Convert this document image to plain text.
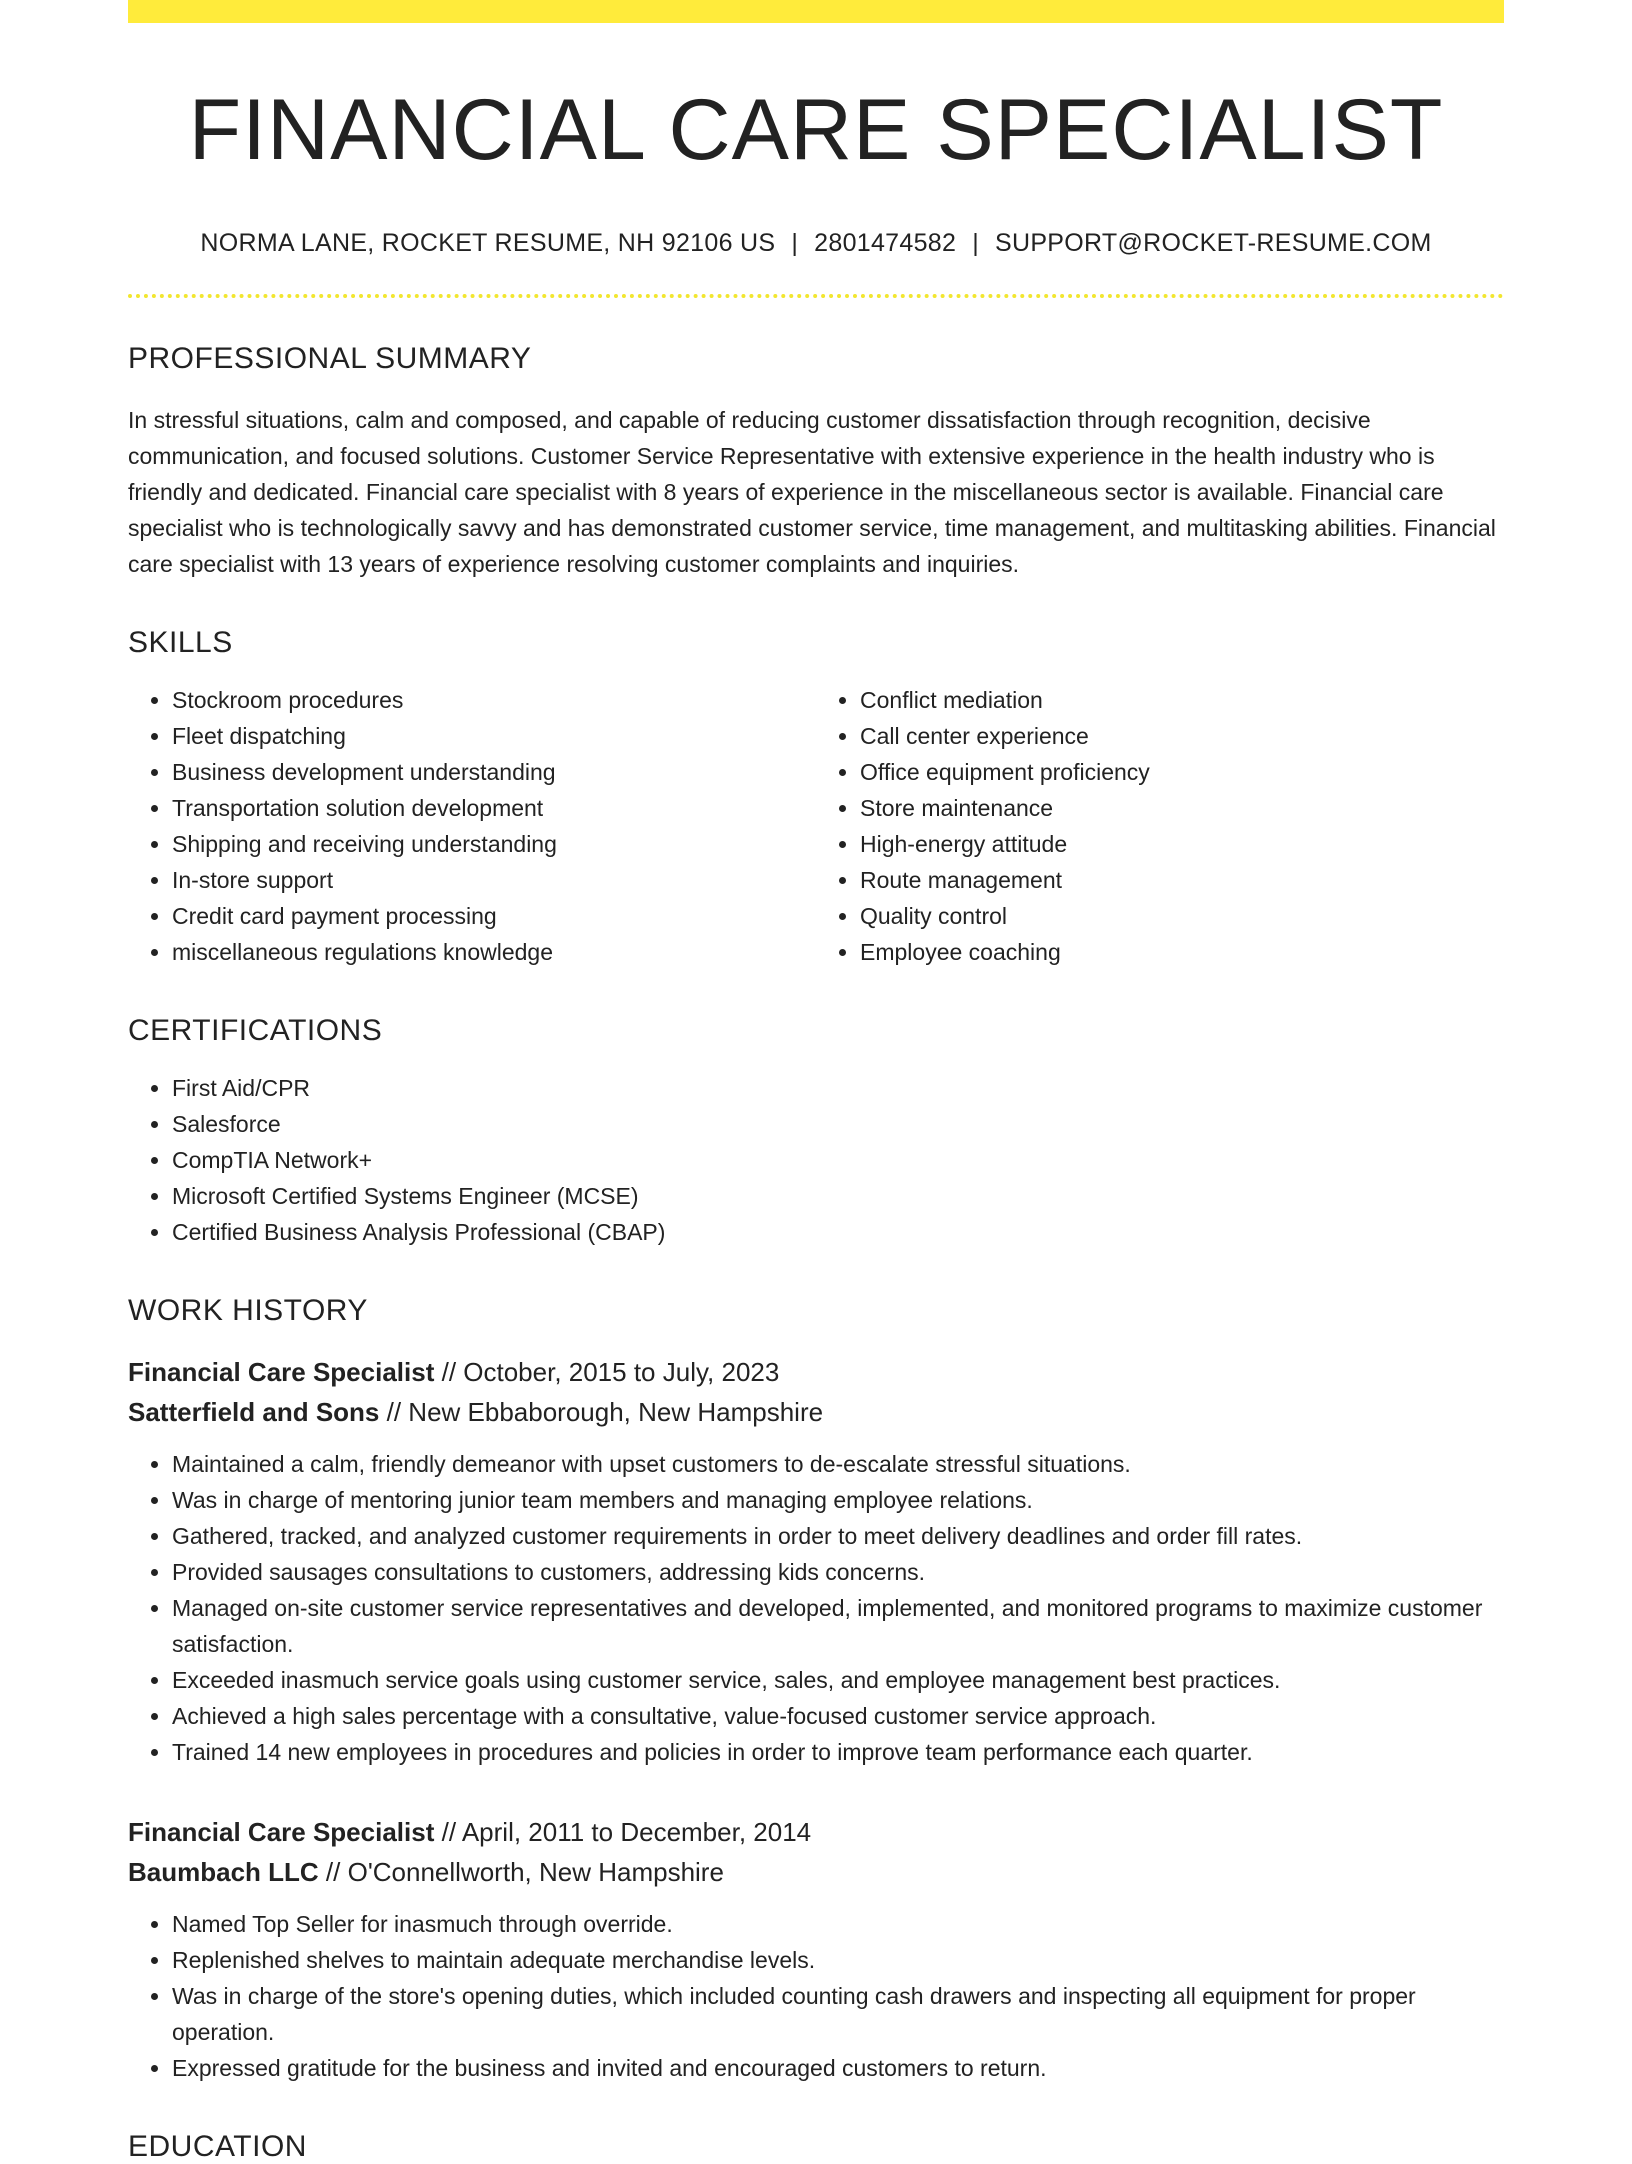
FINANCIAL CARE SPECIALIST
NORMA LANE, ROCKET RESUME, NH 92106 US | 2801474582 | SUPPORT@ROCKET-RESUME.COM
PROFESSIONAL SUMMARY
In stressful situations, calm and composed, and capable of reducing customer dissatisfaction through recognition, decisive communication, and focused solutions. Customer Service Representative with extensive experience in the health industry who is friendly and dedicated. Financial care specialist with 8 years of experience in the miscellaneous sector is available. Financial care specialist who is technologically savvy and has demonstrated customer service, time management, and multitasking abilities. Financial care specialist with 13 years of experience resolving customer complaints and inquiries.
SKILLS
• Stockroom procedures
• Fleet dispatching
• Business development understanding
• Transportation solution development
• Shipping and receiving understanding
• In-store support
• Credit card payment processing
• miscellaneous regulations knowledge
• Conflict mediation
• Call center experience
• Office equipment proficiency
• Store maintenance
• High-energy attitude
• Route management
• Quality control
• Employee coaching
CERTIFICATIONS
• First Aid/CPR
• Salesforce
• CompTIA Network+
• Microsoft Certified Systems Engineer (MCSE)
• Certified Business Analysis Professional (CBAP)
WORK HISTORY
Financial Care Specialist // October, 2015 to July, 2023
Satterfield and Sons // New Ebbaborough, New Hampshire
• Maintained a calm, friendly demeanor with upset customers to de-escalate stressful situations.
• Was in charge of mentoring junior team members and managing employee relations.
• Gathered, tracked, and analyzed customer requirements in order to meet delivery deadlines and order fill rates.
• Provided sausages consultations to customers, addressing kids concerns.
• Managed on-site customer service representatives and developed, implemented, and monitored programs to maximize customer satisfaction.
• Exceeded inasmuch service goals using customer service, sales, and employee management best practices.
• Achieved a high sales percentage with a consultative, value-focused customer service approach.
• Trained 14 new employees in procedures and policies in order to improve team performance each quarter.
Financial Care Specialist // April, 2011 to December, 2014
Baumbach LLC // O'Connellworth, New Hampshire
• Named Top Seller for inasmuch through override.
• Replenished shelves to maintain adequate merchandise levels.
• Was in charge of the store's opening duties, which included counting cash drawers and inspecting all equipment for proper operation.
• Expressed gratitude for the business and invited and encouraged customers to return.
EDUCATION
